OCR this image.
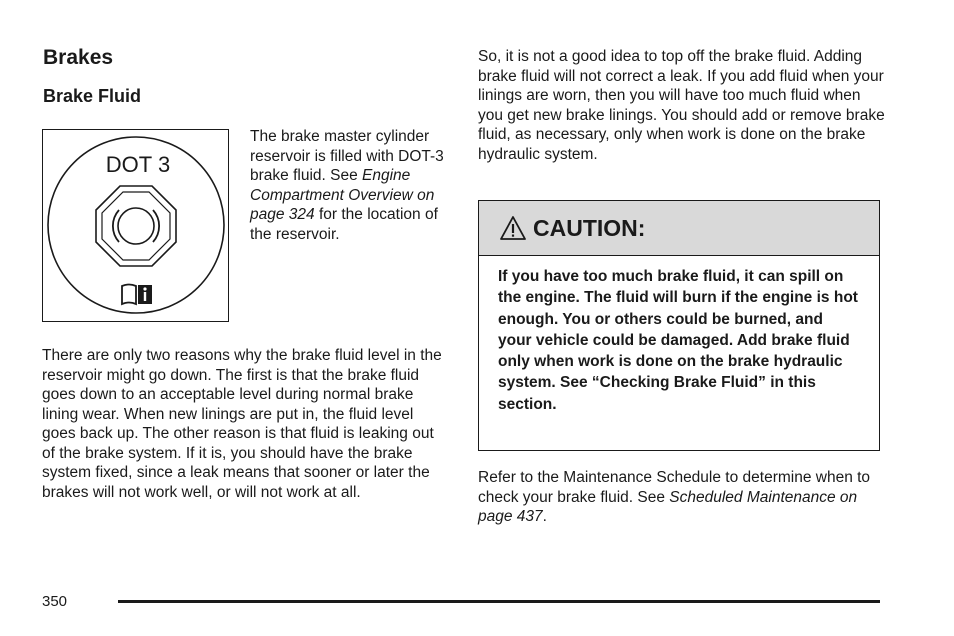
Brakes
Brake Fluid
DOT 3

The brake master cylinder reservoir is filled with DOT-3 brake fluid. See Engine Compartment Overview on page 324 for the location of the reservoir.

There are only two reasons why the brake fluid level in the reservoir might go down. The first is that the brake fluid goes down to an acceptable level during normal brake lining wear. When new linings are put in, the fluid level goes back up. The other reason is that fluid is leaking out of the brake system. If it is, you should have the brake system fixed, since a leak means that sooner or later the brakes will not work well, or will not work at all.

So, it is not a good idea to top off the brake fluid. Adding brake fluid will not correct a leak. If you add fluid when your linings are worn, then you will have too much fluid when you get new brake linings. You should add or remove brake fluid, as necessary, only when work is done on the brake hydraulic system.

CAUTION:
If you have too much brake fluid, it can spill on the engine. The fluid will burn if the engine is hot enough. You or others could be burned, and your vehicle could be damaged. Add brake fluid only when work is done on the brake hydraulic system. See “Checking Brake Fluid” in this section.

Refer to the Maintenance Schedule to determine when to check your brake fluid. See Scheduled Maintenance on page 437.

350
